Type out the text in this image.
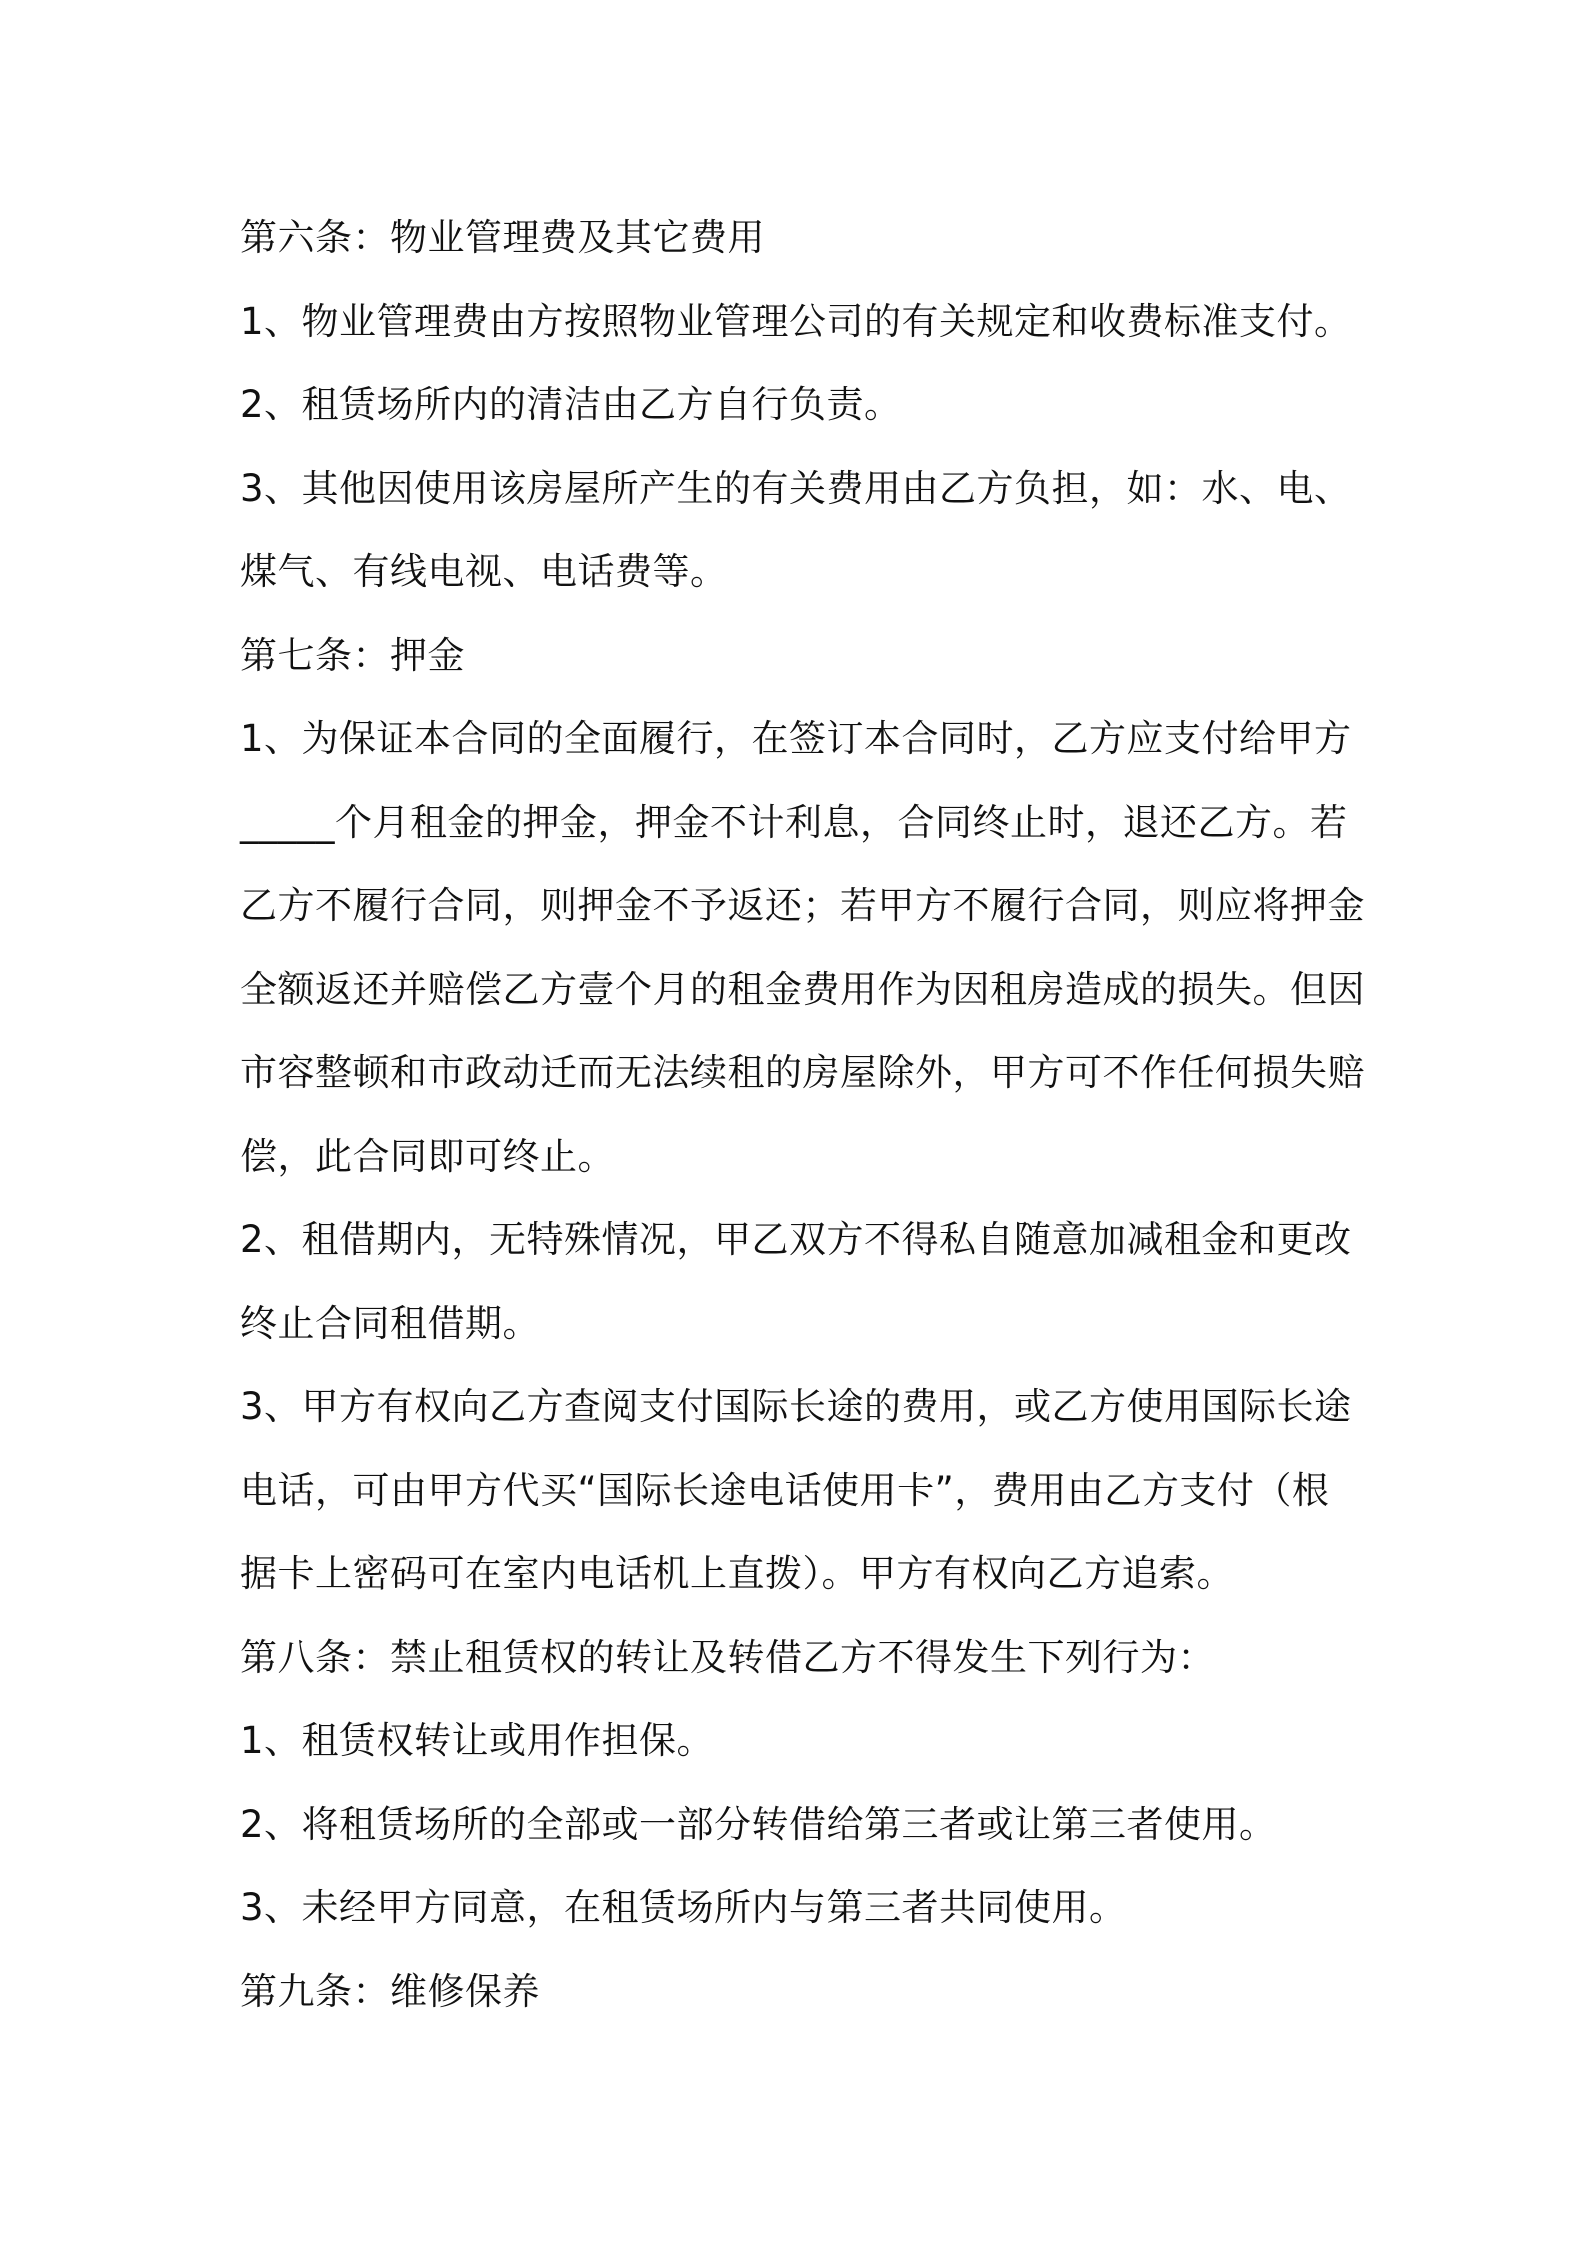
第六条：物业管理费及其它费用

1、物业管理费由方按照物业管理公司的有关规定和收费标准支付。

2、租赁场所内的清洁由乙方自行负责。

3、其他因使用该房屋所产生的有关费用由乙方负担，如：水、电、

煤气、有线电视、电话费等。

第七条：押金

1、为保证本合同的全面履行，在签订本合同时，乙方应支付给甲方

_____个月租金的押金，押金不计利息，合同终止时，退还乙方。若

乙方不履行合同，则押金不予返还；若甲方不履行合同，则应将押金

全额返还并赔偿乙方壹个月的租金费用作为因租房造成的损失。但因

市容整顿和市政动迁而无法续租的房屋除外，甲方可不作任何损失赔

偿，此合同即可终止。

2、租借期内，无特殊情况，甲乙双方不得私自随意加减租金和更改

终止合同租借期。

3、甲方有权向乙方查阅支付国际长途的费用，或乙方使用国际长途

电话，可由甲方代买“国际长途电话使用卡”，费用由乙方支付（根

据卡上密码可在室内电话机上直拨）。甲方有权向乙方追索。

第八条：禁止租赁权的转让及转借乙方不得发生下列行为：

1、租赁权转让或用作担保。

2、将租赁场所的全部或一部分转借给第三者或让第三者使用。

3、未经甲方同意，在租赁场所内与第三者共同使用。

第九条：维修保养
